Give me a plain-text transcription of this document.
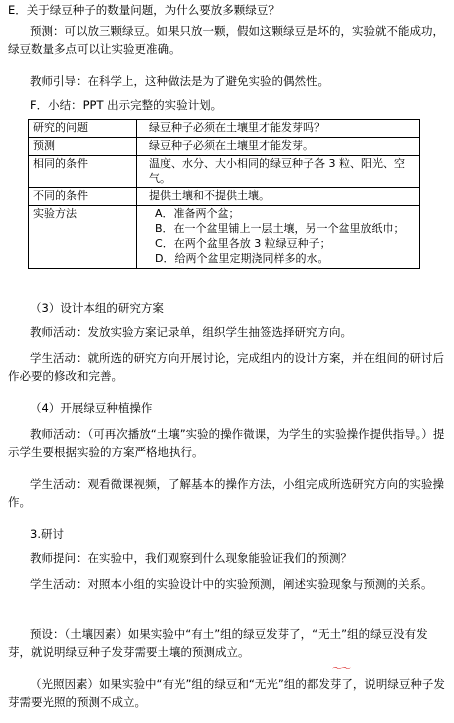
E．关于绿豆种子的数量问题，为什么要放多颗绿豆？

预测：可以放三颗绿豆。如果只放一颗，假如这颗绿豆是坏的，实验就不能成功，绿豆数量多点可以让实验更准确。

教师引导：在科学上，这种做法是为了避免实验的偶然性。

F．小结：PPT 出示完整的实验计划。

研究的问题	绿豆种子必须在土壤里才能发芽吗？
预测	绿豆种子必须在土壤里才能发芽。
相同的条件	温度、水分、大小相同的绿豆种子各 3 粒、阳光、空气。
不同的条件	提供土壤和不提供土壤。
实验方法	A．准备两个盆；
B．在一个盆里铺上一层土壤，另一个盆里放纸巾；
C．在两个盆里各放 3 粒绿豆种子；
D．给两个盆里定期浇同样多的水。

（3）设计本组的研究方案

教师活动：发放实验方案记录单，组织学生抽签选择研究方向。

学生活动：就所选的研究方向开展讨论，完成组内的设计方案，并在组间的研讨后作必要的修改和完善。

（4）开展绿豆种植操作

教师活动：（可再次播放“土壤”实验的操作微课，为学生的实验操作提供指导。）提示学生要根据实验的方案严格地执行。

学生活动：观看微课视频，了解基本的操作方法，小组完成所选研究方向的实验操作。

3.研讨

教师提问：在实验中，我们观察到什么现象能验证我们的预测？

学生活动：对照本小组的实验设计中的实验预测，阐述实验现象与预测的关系。

预设：（土壤因素）如果实验中“有土”组的绿豆发芽了，“无土”组的绿豆没有发芽，就说明绿豆种子发芽需要土壤的预测成立。

〜〜

（光照因素）如果实验中“有光”组的绿豆和“无光”组的都发芽了，说明绿豆种子发芽需要光照的预测不成立。
